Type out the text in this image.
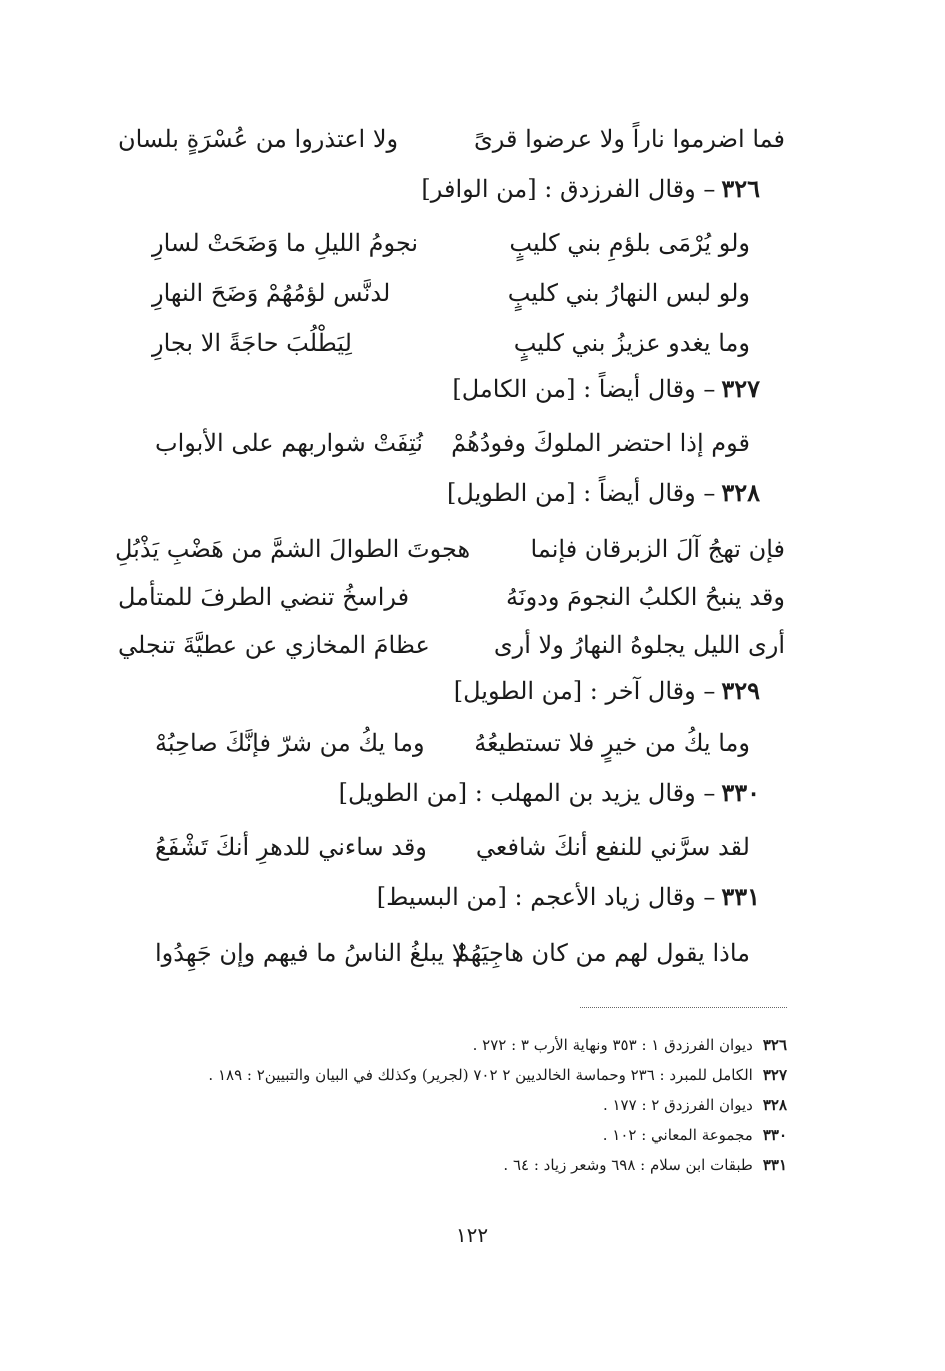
فما اضرموا ناراً ولا عرضوا قرىً
ولا اعتذروا من عُسْرَةٍ بلسان
٣٢٦– وقال الفرزدق : [من الوافر]
ولو يُرْمَى بلؤمِ بني كليبٍ
نجومُ الليلِ ما وَضَحَتْ لسارِ
ولو لبس النهارُ بني كليبٍ
لدنَّس لؤمُهُمْ وَضَحَ النهارِ
وما يغدو عزيزُ بني كليبٍ
لِيَطْلُبَ حاجَةً الا بجارِ
٣٢٧– وقال أيضاً : [من الكامل]
قوم إذا احتضر الملوكَ وفودُهُمْ
نُتِفَتْ شواربهم على الأبواب
٣٢٨– وقال أيضاً : [من الطويل]
فإن تهجُ آلَ الزبرقان فإنما
هجوتَ الطوالَ الشمَّ من هَضْبِ يَذْبُلِ
وقد ينبحُ الكلبُ النجومَ ودونَهُ
فراسخُ تنضي الطرفَ للمتأمل
أرى الليل يجلوهُ النهارُ ولا أرى
عظامَ المخازي عن عطيَّةَ تنجلي
٣٢٩– وقال آخر : [من الطويل]
وما يكُ من خيرٍ فلا تستطيعُهُ
وما يكُ من شرّ فإنَّكَ صاحِبُهْ
٣٣٠– وقال يزيد بن المهلب : [من الطويل]
لقد سرَّني للنفع أنكَ شافعي
وقد ساءني للدهرِ أنكَ تَشْفَعُ
٣٣١– وقال زياد الأعجم : [من البسيط]
ماذا يقول لهم من كان هاجِيَهُمْ
لا يبلغُ الناسُ ما فيهم وإن جَهِدُوا
٣٢٦ديوان الفرزدق ١ : ٣٥٣ ونهاية الأرب ٣ : ٢٧٢ .
٣٢٧الكامل للمبرد : ٢٣٦ وحماسة الخالديين ٢ ٧٠٢ (لجرير) وكذلك في البيان والتبيين٢ : ١٨٩ .
٣٢٨ديوان الفرزدق ٢ : ١٧٧ .
٣٣٠مجموعة المعاني : ١٠٢ .
٣٣١طبقات ابن سلام : ٦٩٨ وشعر زياد : ٦٤ .
١٢٢
